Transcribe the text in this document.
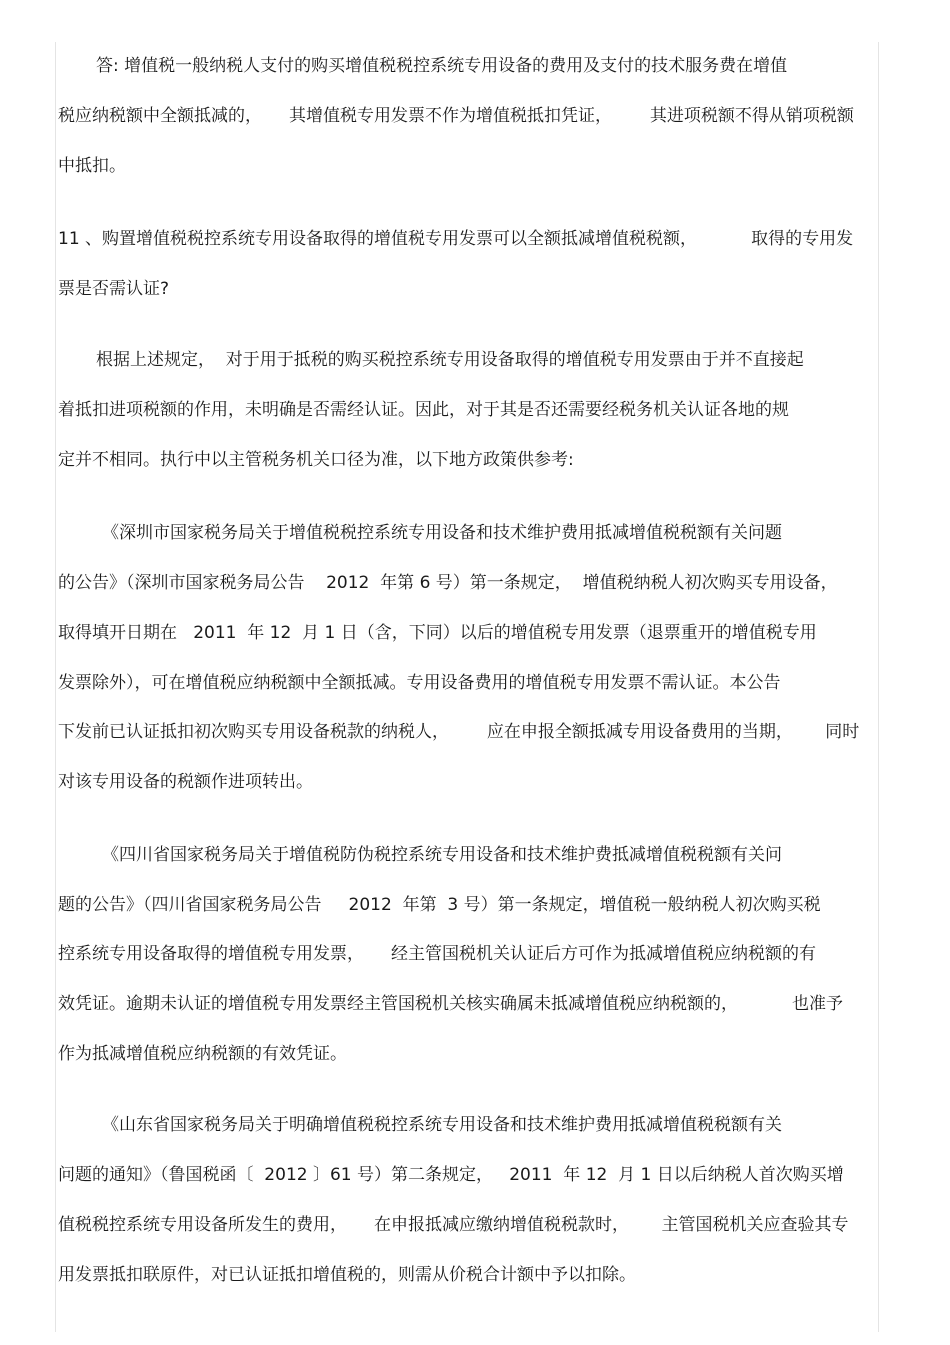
答: 增值税一般纳税人支付的购买增值税税控系统专用设备的费用及支付的技术服务费在增值
税应纳税额中全额抵减的，     其增值税专用发票不作为增值税抵扣凭证，       其进项税额不得从销项税额
中抵扣。
11 、购置增值税税控系统专用设备取得的增值税专用发票可以全额抵减增值税税额，          取得的专用发
票是否需认证?
根据上述规定，  对于用于抵税的购买税控系统专用设备取得的增值税专用发票由于并不直接起
着抵扣进项税额的作用，未明确是否需经认证。因此，对于其是否还需要经税务机关认证各地的规
定并不相同。执行中以主管税务机关口径为准，以下地方政策供参考:
《深圳市国家税务局关于增值税税控系统专用设备和技术维护费用抵减增值税税额有关问题
的公告》（深圳市国家税务局公告    2012  年第 6 号）第一条规定，  增值税纳税人初次购买专用设备，
取得填开日期在   2011  年 12  月 1 日（含，下同）以后的增值税专用发票（退票重开的增值税专用
发票除外），可在增值税应纳税额中全额抵减。专用设备费用的增值税专用发票不需认证。本公告
下发前已认证抵扣初次购买专用设备税款的纳税人，       应在申报全额抵减专用设备费用的当期，      同时
对该专用设备的税额作进项转出。
《四川省国家税务局关于增值税防伪税控系统专用设备和技术维护费抵减增值税税额有关问
题的公告》（四川省国家税务局公告     2012  年第  3 号）第一条规定，增值税一般纳税人初次购买税
控系统专用设备取得的增值税专用发票，     经主管国税机关认证后方可作为抵减增值税应纳税额的有
效凭证。逾期未认证的增值税专用发票经主管国税机关核实确属未抵减增值税应纳税额的，          也准予
作为抵减增值税应纳税额的有效凭证。
《山东省国家税务局关于明确增值税税控系统专用设备和技术维护费用抵减增值税税额有关
问题的通知》（鲁国税函〔  2012 〕61 号）第二条规定，   2011  年 12  月 1 日以后纳税人首次购买增
值税税控系统专用设备所发生的费用，     在申报抵减应缴纳增值税税款时，      主管国税机关应查验其专
用发票抵扣联原件，对已认证抵扣增值税的，则需从价税合计额中予以扣除。
